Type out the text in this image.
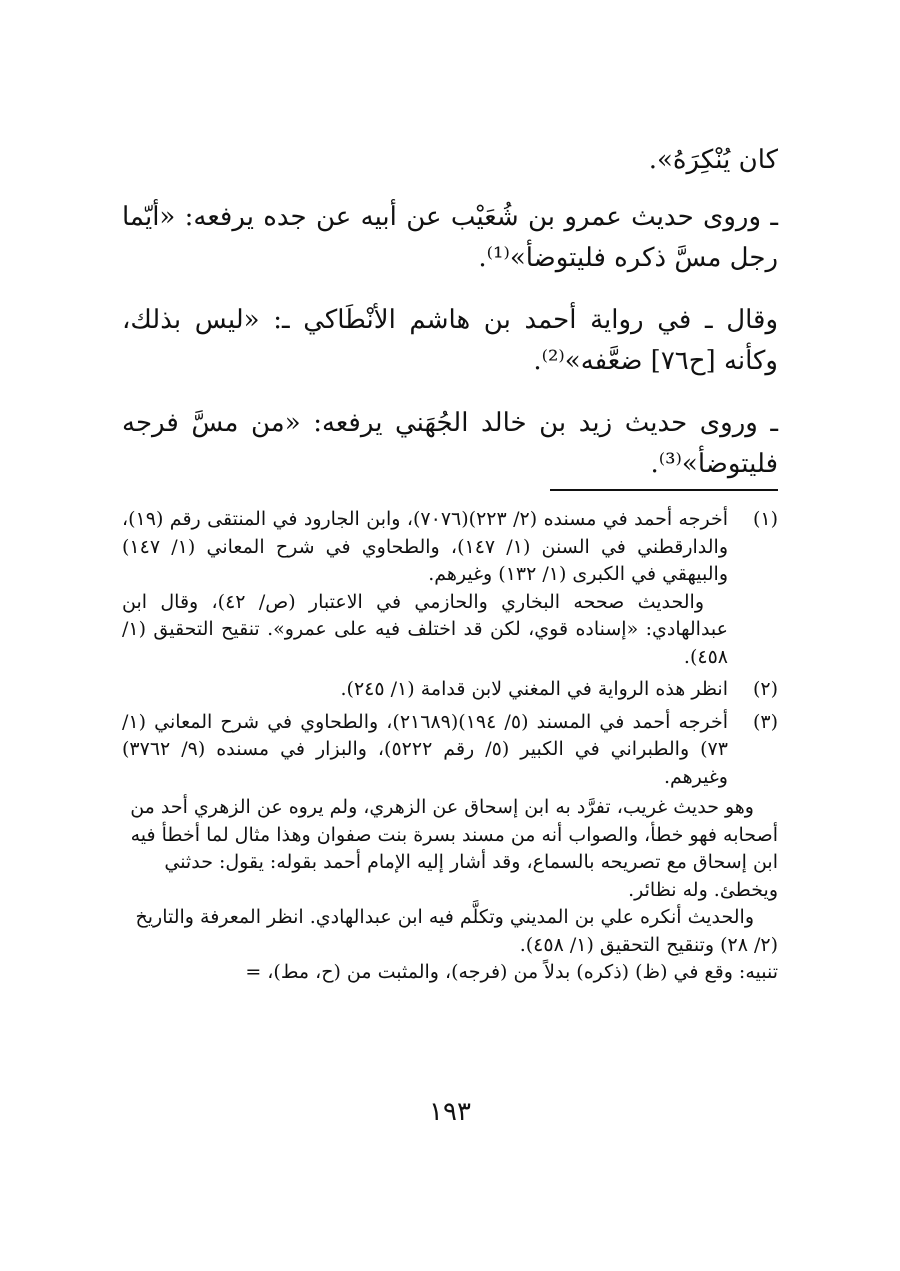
كان يُنْكِرَهُ».

ـ وروى حديث عمرو بن شُعَيْب عن أبيه عن جده يرفعه: «أيّما رجل مسَّ ذكره فليتوضأ»⁽¹⁾.

وقال ـ في رواية أحمد بن هاشم الأنْطَاكي ـ: «ليس بذلك، وكأنه [ح٧٦] ضعَّفه»⁽²⁾.

ـ وروى حديث زيد بن خالد الجُهَني يرفعه: «من مسَّ فرجه فليتوضأ»⁽³⁾.

(١)

أخرجه أحمد في مسنده (٢/ ٢٢٣)(٧٠٧٦)، وابن الجارود في المنتقى رقم (١٩)، والدارقطني في السنن (١/ ١٤٧)، والطحاوي في شرح المعاني (١/ ١٤٧) والبيهقي في الكبرى (١/ ١٣٢) وغيرهم.

والحديث صححه البخاري والحازمي في الاعتبار (ص/ ٤٢)، وقال ابن عبدالهادي: «إسناده قوي، لكن قد اختلف فيه على عمرو». تنقيح التحقيق (١/ ٤٥٨).

(٢)

انظر هذه الرواية في المغني لابن قدامة (١/ ٢٤٥).

(٣)

أخرجه أحمد في المسند (٥/ ١٩٤)(٢١٦٨٩)، والطحاوي في شرح المعاني (١/ ٧٣) والطبراني في الكبير (٥/ رقم ٥٢٢٢)، والبزار في مسنده (٩/ ٣٧٦٢) وغيرهم.

وهو حديث غريب، تفرَّد به ابن إسحاق عن الزهري، ولم يروه عن الزهري أحد من أصحابه فهو خطأ، والصواب أنه من مسند بسرة بنت صفوان وهذا مثال لما أخطأ فيه ابن إسحاق مع تصريحه بالسماع، وقد أشار إليه الإمام أحمد بقوله: يقول: حدثني ويخطئ. وله نظائر.
والحديث أنكره علي بن المديني وتكلَّم فيه ابن عبدالهادي. انظر المعرفة والتاريخ (٢/ ٢٨) وتنقيح التحقيق (١/ ٤٥٨).
تنبيه: وقع في (ظ) (ذكره) بدلاً من (فرجه)، والمثبت من (ح، مط)، =

١٩٣
